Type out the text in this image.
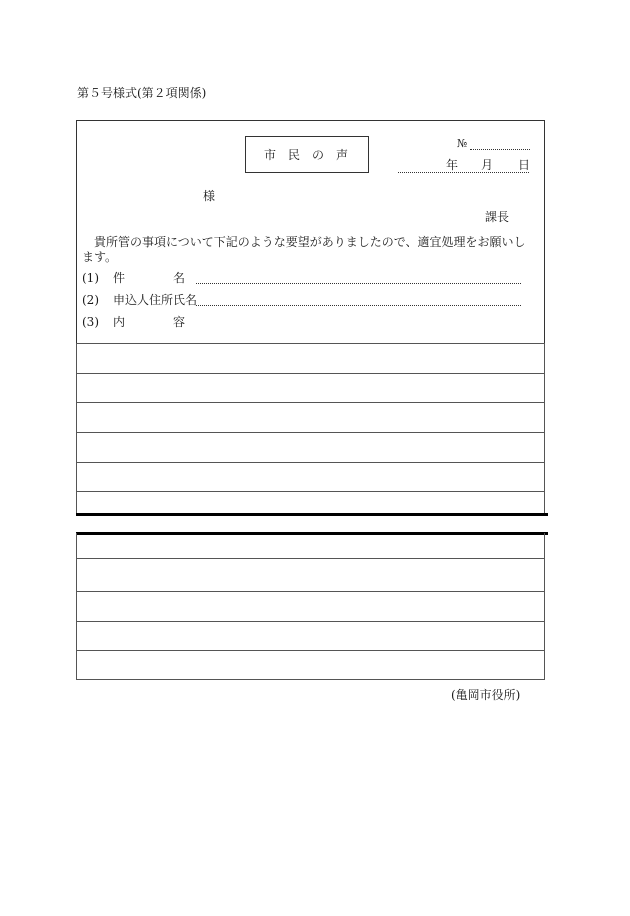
第５号様式(第２項関係)
市民の声
№
年 月 日
様
課長
貴所管の事項について下記のような要望がありましたので、適宜処理をお願いし
ます。
(1) 件　　　　名
(2) 申込人住所氏名
(3) 内　　　　容
(亀岡市役所)
